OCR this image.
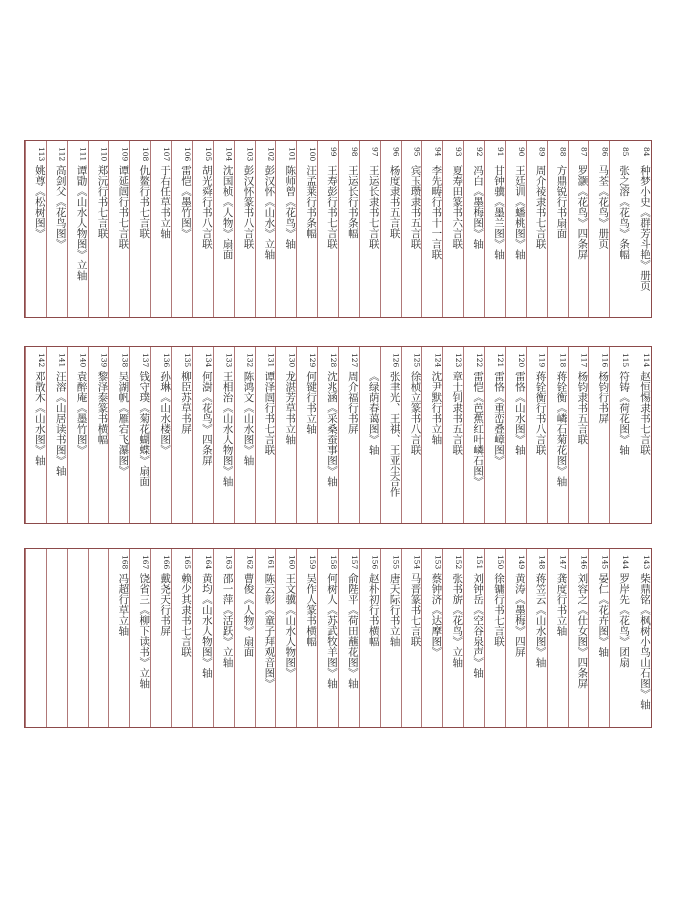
84
种梦小史《群芳斗艳》册页
85
张之溶《花鸟》条幅
86
马荃《花鸟》册页
87
罗灏《花鸟》四条屏
88
方鼎锐行书扇面
89
周介祾隶书七言联
90
王廷训《蟠桃图》轴
91
甘钟骥《墨兰图》轴
92
冯白《墨梅图》轴
93
夏寿田篆书六言联
94
李先畴行书十一言联
95
宾玉瓒隶书五言联
96
杨度隶书五言联
97
王运长隶书七言联
98
王运长行书条幅
99
王寿彭行书七言联
100
汪孟莱行书条幅
101
陈师曾《花鸟》轴
102
彭汉怀《山水》立轴
103
彭汉怀篆书八言联
104
沈国桢《人物》扇面
105
胡光舜行书八言联
106
雷恺《墨竹图》
107
于右任草书立轴
108
仇鳌行书七言联
109
谭延闿行书七言联
110
郑沅行书七言联
111
谭勖《山水人物图》立轴
112
高剑父《花鸟图》
113
姚尊《松树图》
114
赵恒惕隶书七言联
115
符铸《荷花图》轴
116
杨钧行书屏
117
杨钧隶书五言联
118
蒋铨衡《嶙石菊花图》轴
119
蒋铨衡行书八言联
120
雷恪《山水图》轴
121
雷恪《重峦叠嶂图》
122
雷恺《芭蕉红叶嶙石图》
123
章士钊隶书五言联
124
沈尹默行书立轴
125
徐桢立篆书八言联
126
张聿光、王祺、王亚尘合作
《绿荫春蔼图》轴
127
周介福行书屏
128
沈兆涵《采桑蚕事图》轴
129
何键行书立轴
130
龙湛芳草书立轴
131
谭泽闿行书七言联
132
陈鸿文《山水图》轴
133
王相治《山水人物图》轴
134
何澍《花鸟》四条屏
135
柳臣苏草书屏
136
孙琳《山水楼图》
137
钱守璞《菊花蝴蝶》扇面
138
吴湖帆《雁宕飞瀑图》
139
黎泽泰篆书横幅
140
袁醉庵《墨竹图》
141
汪溶《山居读书图》轴
142
邓散木《山水图》轴
143
柴鼎铭《枫树小鸟山石图》轴
144
罗岸先《花鸟》团扇
145
晏仁《花卉图》轴
146
刘容之《仕女图》四条屏
147
龚度行书立轴
148
蒋笠云《山水图》轴
149
黄涛《墨梅》四屏
150
徐镛行书七言联
151
刘钟岳《空谷泉声》轴
152
张书旂《花鸟》立轴
153
蔡钟济《达摩图》
154
马晋篆书七言联
155
唐天际行书立轴
156
赵朴初行书横幅
157
俞陛平《荷田蘸花图》轴
158
何树人《苏武牧羊图》轴
159
吴作人篆书横幅
160
王文骥《山水人物图》
161
陈云彰《童子拜观音图》
162
曹俊《人物》扇面
163
邵一萍《活跃》立轴
164
黄均《山水人物图》轴
165
赖少其隶书七言联
166
戴尧天行书屏
167
饶省三《柳下读书》立轴
168
冯超行草立轴
